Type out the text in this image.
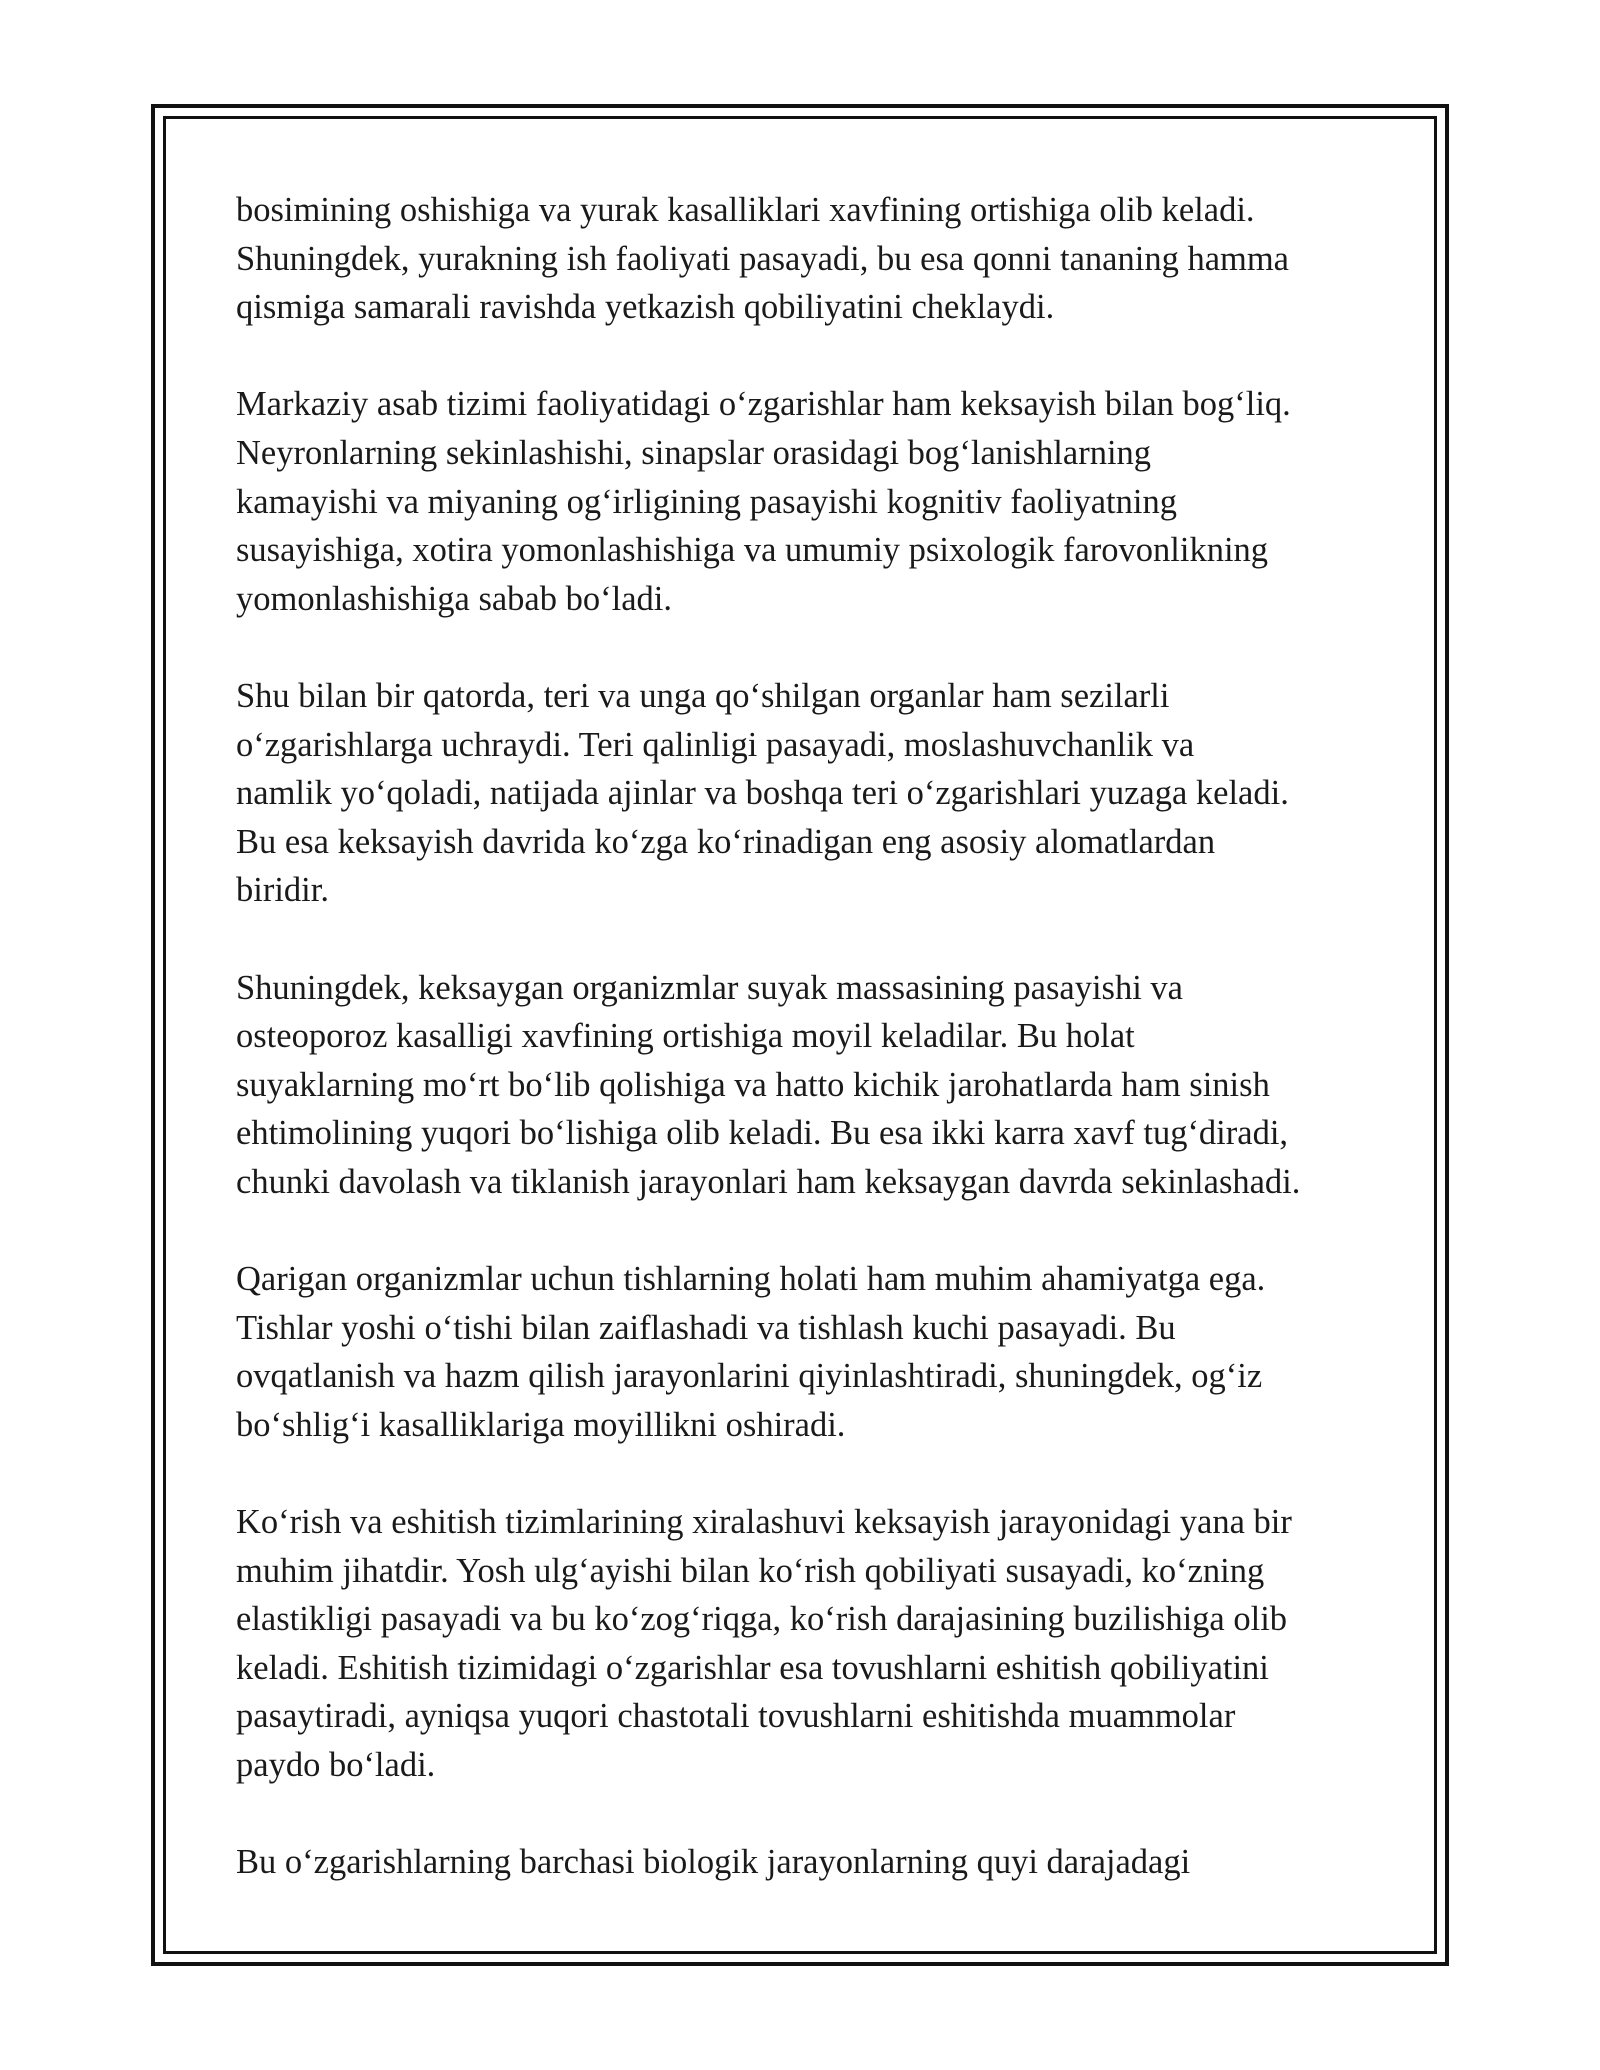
bosimining oshishiga va yurak kasalliklari xavfining ortishiga olib keladi.
Shuningdek, yurakning ish faoliyati pasayadi, bu esa qonni tananing hamma
qismiga samarali ravishda yetkazish qobiliyatini cheklaydi.

Markaziy asab tizimi faoliyatidagi o‘zgarishlar ham keksayish bilan bog‘liq.
Neyronlarning sekinlashishi, sinapslar orasidagi bog‘lanishlarning
kamayishi va miyaning og‘irligining pasayishi kognitiv faoliyatning
susayishiga, xotira yomonlashishiga va umumiy psixologik farovonlikning
yomonlashishiga sabab bo‘ladi.

Shu bilan bir qatorda, teri va unga qo‘shilgan organlar ham sezilarli
o‘zgarishlarga uchraydi. Teri qalinligi pasayadi, moslashuvchanlik va
namlik yo‘qoladi, natijada ajinlar va boshqa teri o‘zgarishlari yuzaga keladi.
Bu esa keksayish davrida ko‘zga ko‘rinadigan eng asosiy alomatlardan
biridir.

Shuningdek, keksaygan organizmlar suyak massasining pasayishi va
osteoporoz kasalligi xavfining ortishiga moyil keladilar. Bu holat
suyaklarning mo‘rt bo‘lib qolishiga va hatto kichik jarohatlarda ham sinish
ehtimolining yuqori bo‘lishiga olib keladi. Bu esa ikki karra xavf tug‘diradi,
chunki davolash va tiklanish jarayonlari ham keksaygan davrda sekinlashadi.

Qarigan organizmlar uchun tishlarning holati ham muhim ahamiyatga ega.
Tishlar yoshi o‘tishi bilan zaiflashadi va tishlash kuchi pasayadi. Bu
ovqatlanish va hazm qilish jarayonlarini qiyinlashtiradi, shuningdek, og‘iz
bo‘shlig‘i kasalliklariga moyillikni oshiradi.

Ko‘rish va eshitish tizimlarining xiralashuvi keksayish jarayonidagi yana bir
muhim jihatdir. Yosh ulg‘ayishi bilan ko‘rish qobiliyati susayadi, ko‘zning
elastikligi pasayadi va bu ko‘zog‘riqga, ko‘rish darajasining buzilishiga olib
keladi. Eshitish tizimidagi o‘zgarishlar esa tovushlarni eshitish qobiliyatini
pasaytiradi, ayniqsa yuqori chastotali tovushlarni eshitishda muammolar
paydo bo‘ladi.

Bu o‘zgarishlarning barchasi biologik jarayonlarning quyi darajadagi
